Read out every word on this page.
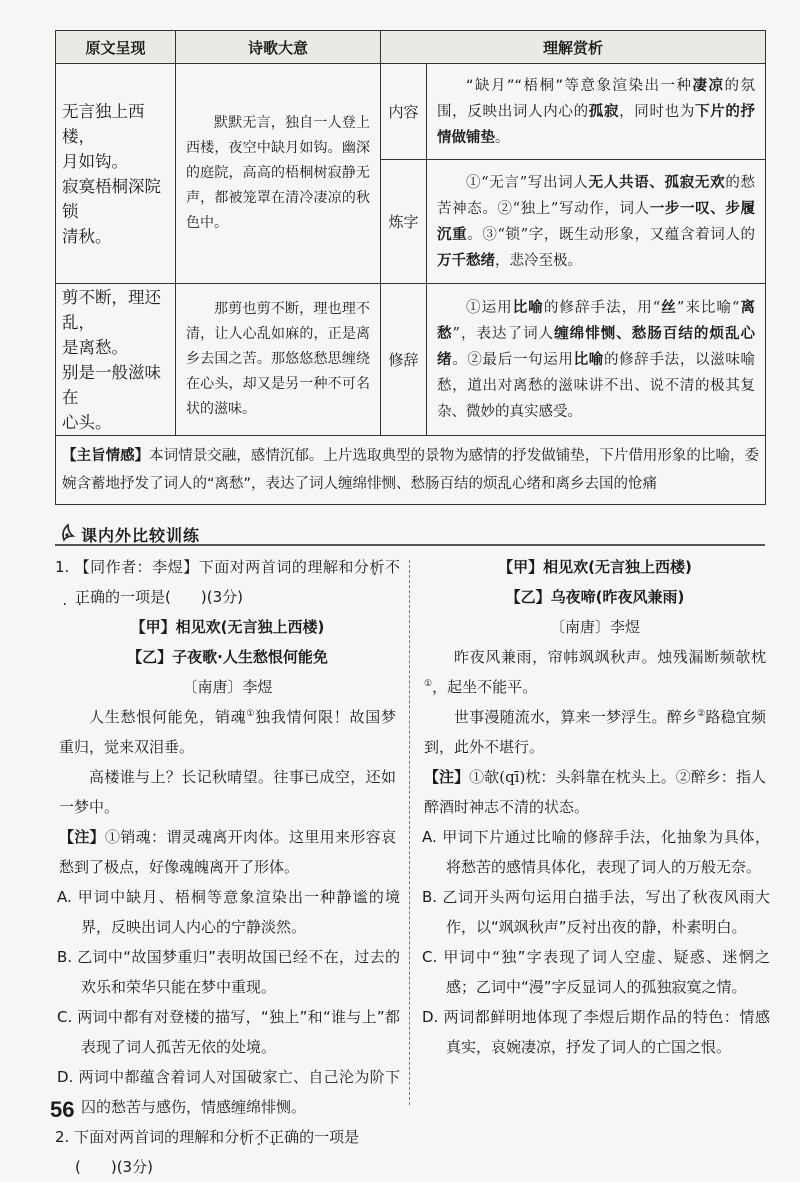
原文呈现	诗歌大意	理解赏析	

无言独上西楼，
月如钩。
寂寞梧桐深院锁
清秋。	默默无言，独自一人登上西楼，夜空中缺月如钩。幽深的庭院，高高的梧桐树寂静无声，都被笼罩在清冷凄凉的秋色中。	内容	“缺月”“梧桐”等意象渲染出一种凄凉的氛围，反映出词人内心的孤寂，同时也为下片的抒情做铺垫。
		炼字	①“无言”写出词人无人共语、孤寂无欢的愁苦神态。②“独上”写动作，词人一步一叹、步履沉重。③“锁”字，既生动形象，又蕴含着词人的万千愁绪，悲冷至极。

剪不断，理还乱，
是离愁。
别是一般滋味在
心头。	那剪也剪不断，理也理不清，让人心乱如麻的，正是离乡去国之苦。那悠悠愁思缠绕在心头，却又是另一种不可名状的滋味。	修辞	①运用比喻的修辞手法，用“丝”来比喻“离愁”，表达了词人缠绵悱恻、愁肠百结的烦乱心绪。②最后一句运用比喻的修辞手法，以滋味喻愁，道出对离愁的滋味讲不出、说不清的极其复杂、微妙的真实感受。
【主旨情感】本词情景交融，感情沉郁。上片选取典型的景物为感情的抒发做铺垫，下片借用形象的比喻，委婉含蓄地抒发了词人的“离愁”，表达了词人缠绵悱恻、愁肠百结的烦乱心绪和离乡去国的怆痛			
课内外比较训练
1. 【同作者：李煜】下面对两首词的理解和分析不正确的一项是(　　)(3分)
【甲】相见欢(无言独上西楼)
【乙】子夜歌·人生愁恨何能免
〔南唐〕李煜
人生愁恨何能免，销魂①独我情何限！故国梦重归，觉来双泪垂。
高楼谁与上？长记秋晴望。往事已成空，还如一梦中。
【注】①销魂：谓灵魂离开肉体。这里用来形容哀愁到了极点，好像魂魄离开了形体。
A. 甲词中缺月、梧桐等意象渲染出一种静谧的境界，反映出词人内心的宁静淡然。
B. 乙词中“故国梦重归”表明故国已经不在，过去的欢乐和荣华只能在梦中重现。
C. 两词中都有对登楼的描写，“独上”和“谁与上”都表现了词人孤苦无依的处境。
D. 两词中都蕴含着词人对国破家亡、自己沦为阶下囚的愁苦与感伤，情感缠绵悱恻。
2. 下面对两首词的理解和分析不正确的一项是
(　　)(3分)
【甲】相见欢(无言独上西楼)
【乙】乌夜啼(昨夜风兼雨)
〔南唐〕李煜
昨夜风兼雨，帘帏飒飒秋声。烛残漏断频欹枕①，起坐不能平。
世事漫随流水，算来一梦浮生。醉乡②路稳宜频到，此外不堪行。
【注】①欹(qī)枕：头斜靠在枕头上。②醉乡：指人醉酒时神志不清的状态。
A. 甲词下片通过比喻的修辞手法，化抽象为具体，将愁苦的感情具体化，表现了词人的万般无奈。
B. 乙词开头两句运用白描手法，写出了秋夜风雨大作，以“飒飒秋声”反衬出夜的静，朴素明白。
C. 甲词中“独”字表现了词人空虚、疑惑、迷惘之感；乙词中“漫”字反显词人的孤独寂寞之情。
D. 两词都鲜明地体现了李煜后期作品的特色：情感真实，哀婉凄凉，抒发了词人的亡国之恨。
56
